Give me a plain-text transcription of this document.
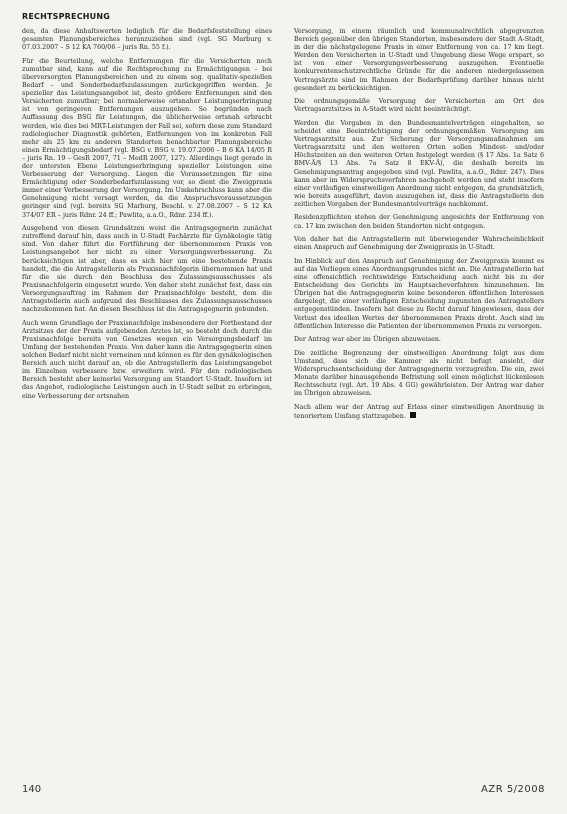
RECHTSPRECHUNG

den, da diese Anhaltswerten lediglich für die Bedarfsfeststellung eines gesamten Planungsbereiches heranzuziehen sind (vgl. SG Marburg v. 07.03.2007 – S 12 KA 760/06 – juris Rn. 55 f.).

Für die Beurteilung, welche Entfernungen für die Versicherten noch zumutbar sind, kann auf die Rechtsprechung zu Ermächtigungen – bei überversorgten Planungsbereichen und zu einem sog. qualitativ-speziellen Bedarf – und Sonderbedarfszulassungen zurückgegriffen werden. Je spezieller das Leistungsangebot ist, desto größere Entfernungen sind den Versicherten zumutbar; bei normalerweise ortsnaher Leistungserbringung ist von geringeren Entfernungen auszugehen. So begründen nach Auffassung des BSG für Leistungen, die üblicherweise ortsnah erbracht werden, wie dies bei MRT-Leistungen der Fall sei, sofern diese zum Standard radiologischer Diagnostik gehörten, Entfernungen von im konkreten Fall mehr als 25 km zu anderen Standorten benachbarter Planungsbereiche einen Ermächtigungsbedarf (vgl. BSG v. BSG v. 19.07.2006 – B 6 KA 14/05 R – juris Rn. 19 – GesR 2007, 71 – MedR 2007, 127). Allerdings liegt gerade in der untersten Ebene Leistungserbringung spezieller Leistungen eine Verbesserung der Versorgung. Liegen die Voraussetzungen für eine Ermächtigung oder Sonderbedarfszulassung vor, so dient die Zweigpraxis immer einer Verbesserung der Versorgung. Im Umkehrschluss kann aber die Genehmigung nicht versagt werden, da die Anspruchsvoraussetzungen geringer sind (vgl. bereits SG Marburg, Beschl. v. 27.08.2007 – S 12 KA 374/07 ER – juris Rdnr. 24 ff.; Pawlita, a.a.O., Rdnr. 234 ff.).

Ausgehend von diesen Grundsätzen weist die Antragsgegnerin zunächst zutreffend darauf hin, dass auch in U-Stadt Fachärzte für Gynäkologie tätig sind. Von daher führt die Fortführung der übernommenen Praxis von Leistungsangebot her nicht zu einer Versorgungsverbesserung. Zu berücksichtigen ist aber, dass es sich hier um eine bestehende Praxis handelt, die die Antragstellerin als Praxisnachfolgerin übernommen hat und für die sie durch den Beschluss des Zulassungsausschusses als Praxisnachfolgerin eingesetzt wurde. Von daher steht zunächst fest, dass ein Versorgungsauftrag im Rahmen der Praxisnachfolge besteht, dem die Antragstellerin auch aufgrund des Beschlusses des Zulassungsausschusses nachzukommen hat. An diesen Beschluss ist die Antragsgegnerin gebunden.

Auch wenn Grundlage der Praxisnachfolge insbesondere der Fortbestand der Arztsitzes der der Praxis aufgebenden Arztes ist, so besteht doch durch die Praxisnachfolge bereits von Gesetzes wegen ein Versorgungsbedarf im Umfang der bestehenden Praxis. Von daher kann die Antragsgegnerin einen solchen Bedarf nicht nicht verneinen und können es für den gynäkologischen Bereich auch nicht darauf an, ob die Antragstellerin das Leistungsangebot im Einzelnen verbessere bzw. erweitern wird. Für den radiologischen Bereich besteht aber keinerlei Versorgung am Standort U-Stadt. Insofern ist das Angebot, radiologische Leistungen auch in U-Stadt selbst zu erbringen, eine Verbesserung der ortsnahen

Versorgung, in einem räumlich und kommunalrechtlich abgegrenzten Bereich gegenüber den übrigen Standorten, insbesondere der Stadt A-Stadt, in der die nächstgelegene Praxis in einer Entfernung von ca. 17 km liegt. Werden den Versicherten in U-Stadt und Umgebung diese Wege erspart, so ist von einer Versorgungsverbesserung auszugehen. Eventuelle konkurrentenschutzrechtliche Gründe für die anderen niedergelassenen Vertragsärzte sind im Rahmen der Bedarfsprüfung darüber hinaus nicht gesondert zu berücksichtigen.

Die ordnungsgemäße Versorgung der Versicherten am Ort des Vertragsarztsitzes in A-Stadt wird nicht beeinträchtigt.

Werden die Vorgaben in den Bundesmantelverträgen eingehalten, so scheidet eine Beeinträchtigung der ordnungsgemäßen Versorgung am Vertragsarztsitz aus. Zur Sicherung der Versorgungsmaßnahmen am Vertragsarztsitz und den weiteren Orten sollen Mindest- und/oder Höchstzeiten an den weiteren Orten festgelegt werden (§ 17 Abs. 1a Satz 6 BMV-Ä/§ 13 Abs. 7a Satz 8 EKV-Ä), die deshalb bereits im Genehmigungsantrag angegeben sind (vgl. Pawlita, a.a.O., Rdnr. 247). Dies kann aber im Widerspruchsverfahren nachgeholt werden und steht insofern einer vorläufigen einstweiligen Anordnung nicht entgegen, da grundsätzlich, wie bereits ausgeführt, davon auszugehen ist, dass die Antragstellerin den zeitlichen Vorgaben der Bundesmantelverträge nachkommt.

Residenzpflichten stehen der Genehmigung angesichts der Entfernung von ca. 17 km zwischen den beiden Standorten nicht entgegen.

Von daher hat die Antragstellerin mit überwiegender Wahrscheinlichkeit einen Anspruch auf Genehmigung der Zweigpraxis in U-Stadt.

Im Hinblick auf den Anspruch auf Genehmigung der Zweigpraxis kommt es auf das Vorliegen eines Anordnungsgrundes nicht an. Die Antragstellerin hat eine offensichtlich rechtswidrige Entscheidung auch nicht bis zu der Entscheidung des Gerichts im Hauptsacheverfahren hinzunehmen. Im Übrigen hat die Antragsgegnerin keine besonderen öffentlichen Interessen dargelegt, die einer vorläufigen Entscheidung zugunsten des Antragstellers entgegenstünden. Insofern hat diese zu Recht darauf hingewiesen, dass der Verlust des ideellen Wertes der übernommenen Praxis droht. Auch sind im öffentlichen Interesse die Patienten der übernommenen Praxis zu versorgen.

Der Antrag war aber im Übrigen abzuweisen.

Die zeitliche Begrenzung der einstweiligen Anordnung folgt aus dem Umstand, dass sich die Kammer als nicht befugt ansieht, der Widerspruchsentscheidung der Antragsgegnerin vorzugreifen. Die ein, zwei Monate darüber hinausgehende Befristung soll einen möglichst lückenlosen Rechtsschutz (vgl. Art. 19 Abs. 4 GG) gewährleisten. Der Antrag war daher im Übrigen abzuweisen.

Nach allem war der Antrag auf Erlass einer einstweiligen Anordnung in tenoriertem Umfang stattzugeben.

140	AZR 5/2008
